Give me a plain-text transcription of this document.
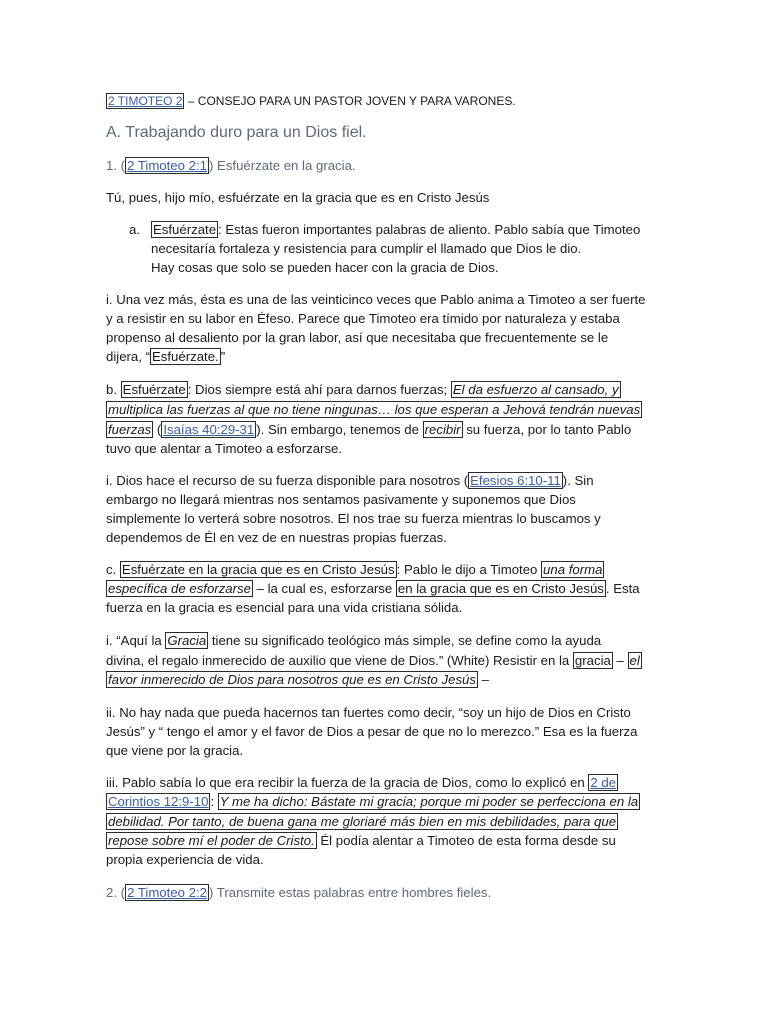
2 TIMOTEO 2 – CONSEJO PARA UN PASTOR JOVEN Y PARA VARONES.
A. Trabajando duro para un Dios fiel.
1. ( 2 Timoteo 2:1 ) Esfuérzate en la gracia.
Tú, pues, hijo mío, esfuérzate en la gracia que es en Cristo Jesús
a. Esfuérzate : Estas fueron importantes palabras de aliento. Pablo sabía que Timoteo
necesitaría fortaleza y resistencia para cumplir el llamado que Dios le dio.
Hay cosas que solo se pueden hacer con la gracia de Dios.
i. Una vez más, ésta es una de las veinticinco veces que Pablo anima a Timoteo a ser fuerte
y a resistir en su labor en Éfeso. Parece que Timoteo era tímido por naturaleza y estaba
propenso al desaliento por la gran labor, así que necesitaba que frecuentemente se le
dijera, “ Esfuérzate. ”
b. Esfuérzate : Dios siempre está ahí para darnos fuerzas; El da esfuerzo al cansado, y
multiplica las fuerzas al que no tiene ningunas… los que esperan a Jehová tendrán nuevas
fuerzas ( Isaías 40:29-31 ). Sin embargo, tenemos de recibir su fuerza, por lo tanto Pablo
tuvo que alentar a Timoteo a esforzarse.
i. Dios hace el recurso de su fuerza disponible para nosotros ( Efesios 6:10-11 ). Sin
embargo no llegará mientras nos sentamos pasivamente y suponemos que Dios
simplemente lo verterá sobre nosotros. El nos trae su fuerza mientras lo buscamos y
dependemos de Él en vez de en nuestras propias fuerzas.
c. Esfuérzate en la gracia que es en Cristo Jesús : Pablo le dijo a Timoteo una forma
específica de esforzarse – la cual es, esforzarse en la gracia que es en Cristo Jesús . Esta
fuerza en la gracia es esencial para una vida cristiana sólida.
i. “Aquí la Gracia tiene su significado teológico más simple, se define como la ayuda
divina, el regalo inmerecido de auxilio que viene de Dios.” (White) Resistir en la gracia – el
favor inmerecido de Dios para nosotros que es en Cristo Jesús –
ii. No hay nada que pueda hacernos tan fuertes como decir, “soy un hijo de Dios en Cristo
Jesús” y “ tengo el amor y el favor de Dios a pesar de que no lo merezco.” Esa es la fuerza
que viene por la gracia.
iii. Pablo sabía lo que era recibir la fuerza de la gracia de Dios, como lo explicó en 2 de
Corintios 12:9-10 : Y me ha dicho: Bástate mi gracia; porque mi poder se perfecciona en la
debilidad. Por tanto, de buena gana me gloriaré más bien en mis debilidades, para que
repose sobre mí el poder de Cristo. Él podía alentar a Timoteo de esta forma desde su
propia experiencia de vida.
2. ( 2 Timoteo 2:2 ) Transmite estas palabras entre hombres fieles.
